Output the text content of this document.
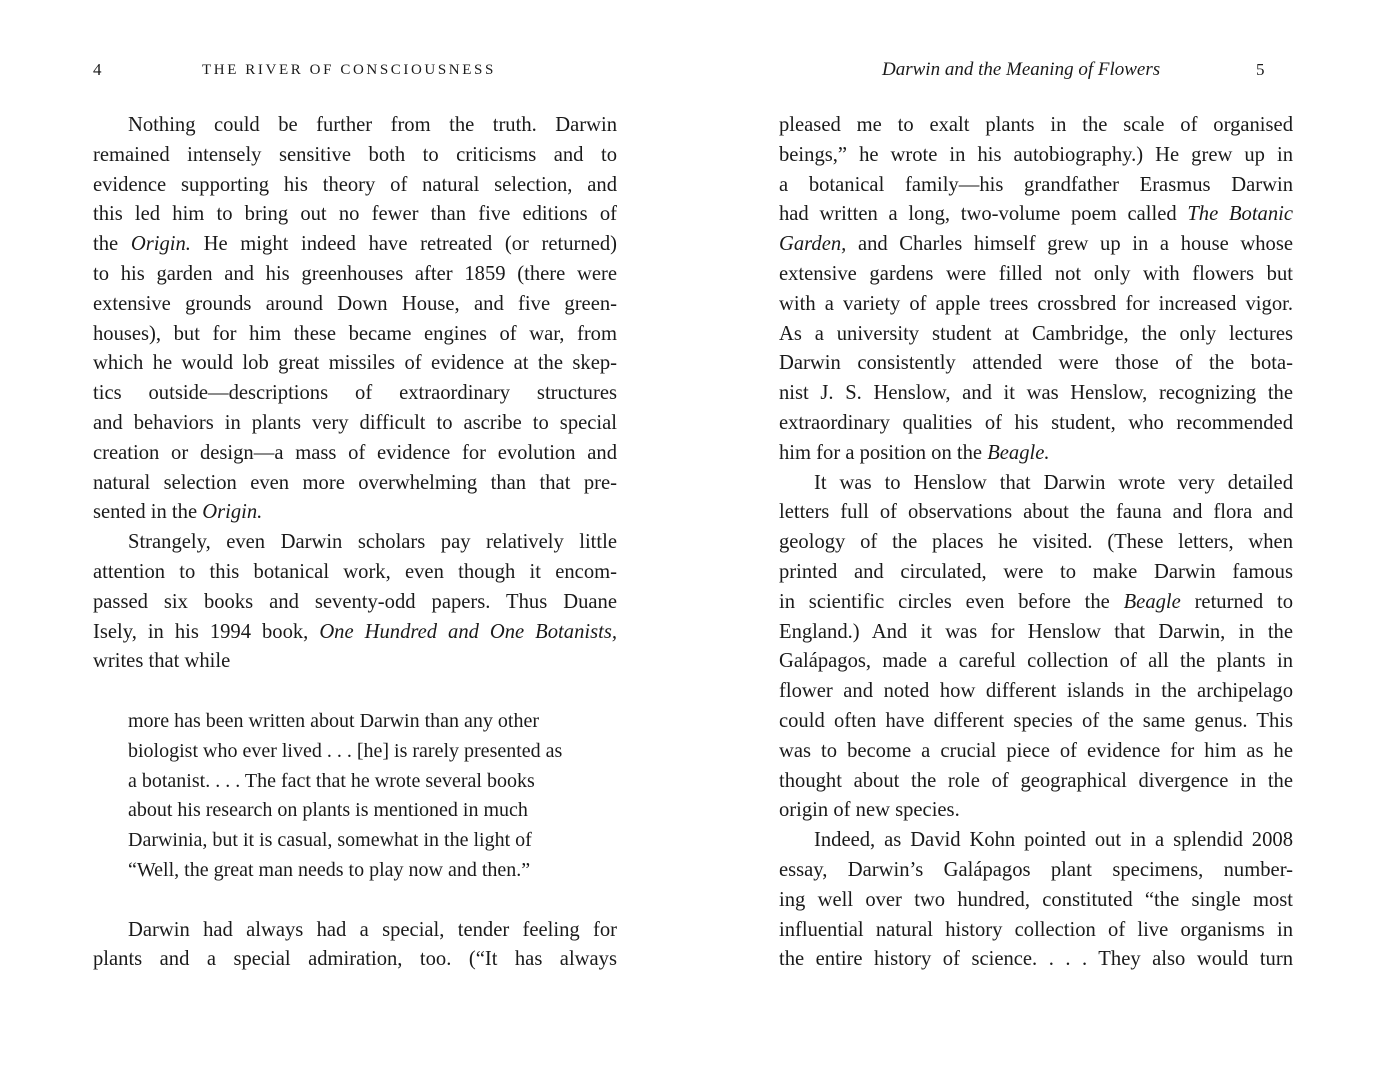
4	THE RIVER OF CONSCIOUSNESS
Nothing could be further from the truth. Darwin
remained intensely sensitive both to criticisms and to
evidence supporting his theory of natural selection, and
this led him to bring out no fewer than five editions of
the Origin. He might indeed have retreated (or returned)
to his garden and his greenhouses after 1859 (there were
extensive grounds around Down House, and five green-
houses), but for him these became engines of war, from
which he would lob great missiles of evidence at the skep-
tics outside—descriptions of extraordinary structures
and behaviors in plants very difficult to ascribe to special
creation or design—a mass of evidence for evolution and
natural selection even more overwhelming than that pre-
sented in the Origin.
Strangely, even Darwin scholars pay relatively little
attention to this botanical work, even though it encom-
passed six books and seventy-odd papers. Thus Duane
Isely, in his 1994 book, One Hundred and One Botanists,
writes that while
more has been written about Darwin than any other
biologist who ever lived . . . [he] is rarely presented as
a botanist. . . . The fact that he wrote several books
about his research on plants is mentioned in much
Darwinia, but it is casual, somewhat in the light of
“Well, the great man needs to play now and then.”
Darwin had always had a special, tender feeling for
plants and a special admiration, too. (“It has always
Darwin and the Meaning of Flowers	5
pleased me to exalt plants in the scale of organised
beings,” he wrote in his autobiography.) He grew up in
a botanical family—his grandfather Erasmus Darwin
had written a long, two-volume poem called The Botanic
Garden, and Charles himself grew up in a house whose
extensive gardens were filled not only with flowers but
with a variety of apple trees crossbred for increased vigor.
As a university student at Cambridge, the only lectures
Darwin consistently attended were those of the bota-
nist J. S. Henslow, and it was Henslow, recognizing the
extraordinary qualities of his student, who recommended
him for a position on the Beagle.
It was to Henslow that Darwin wrote very detailed
letters full of observations about the fauna and flora and
geology of the places he visited. (These letters, when
printed and circulated, were to make Darwin famous
in scientific circles even before the Beagle returned to
England.) And it was for Henslow that Darwin, in the
Galápagos, made a careful collection of all the plants in
flower and noted how different islands in the archipelago
could often have different species of the same genus. This
was to become a crucial piece of evidence for him as he
thought about the role of geographical divergence in the
origin of new species.
Indeed, as David Kohn pointed out in a splendid 2008
essay, Darwin’s Galápagos plant specimens, number-
ing well over two hundred, constituted “the single most
influential natural history collection of live organisms in
the entire history of science. . . . They also would turn
